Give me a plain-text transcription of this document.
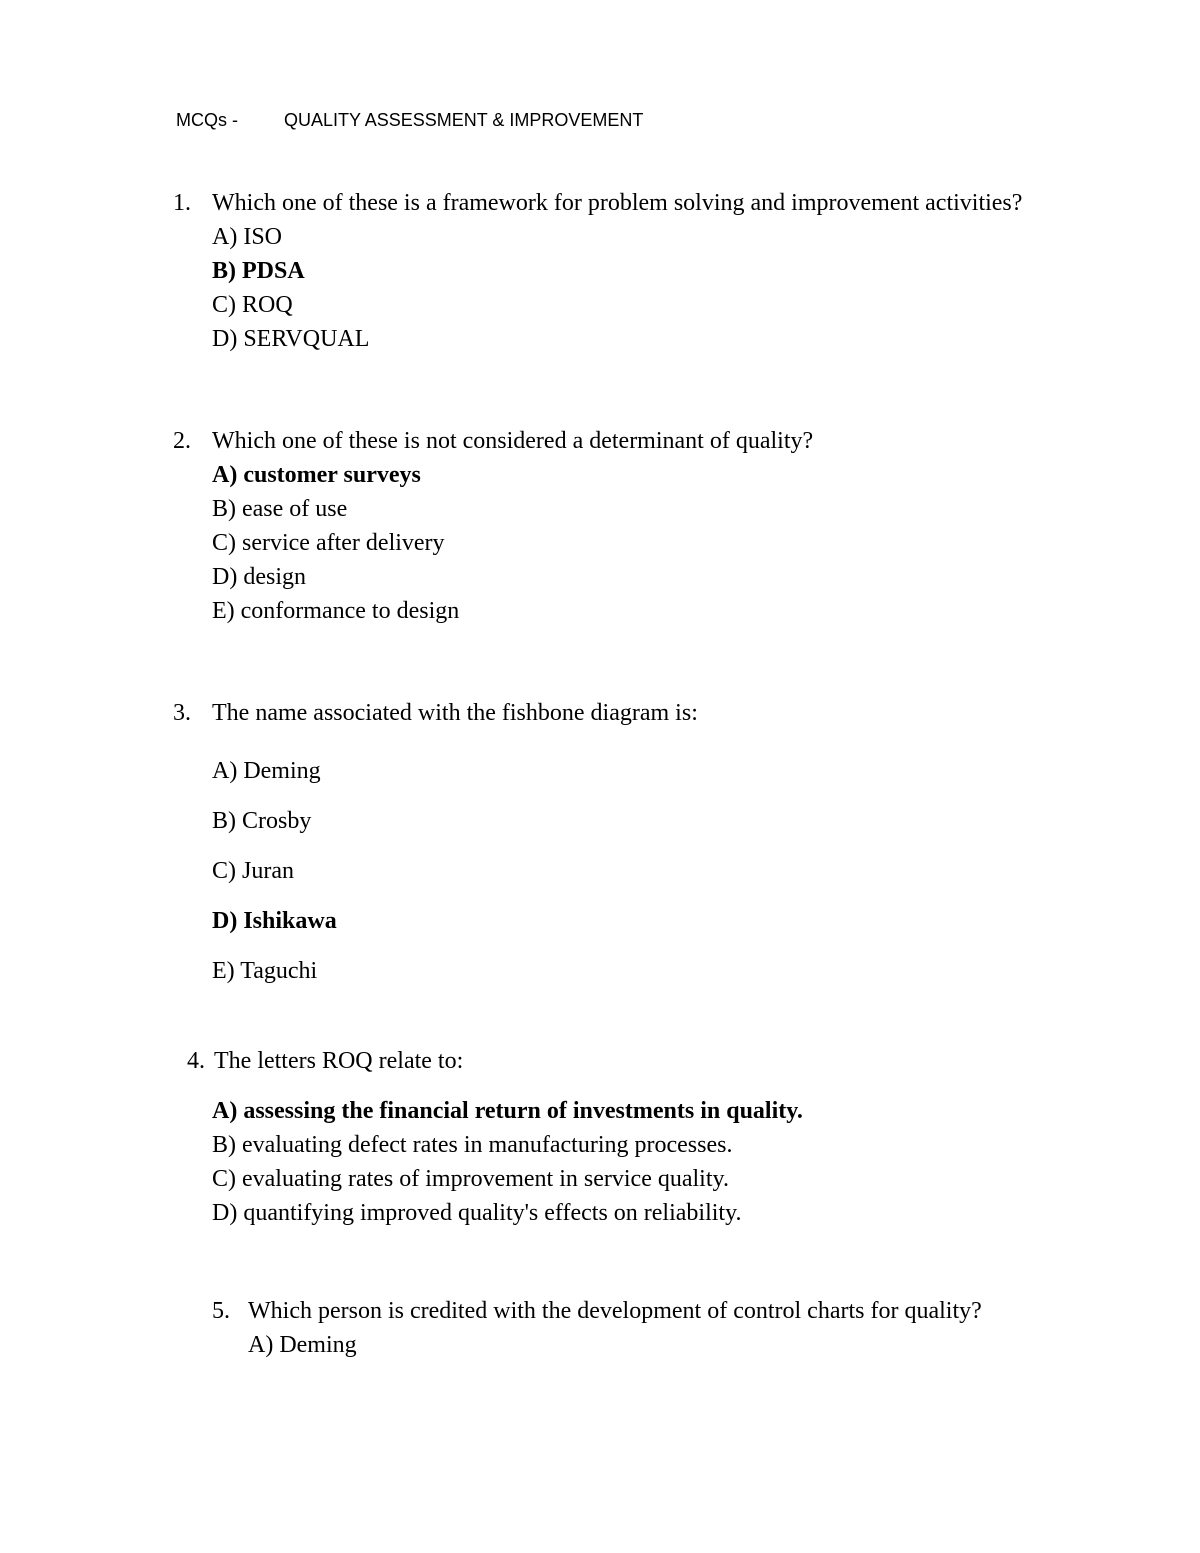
MCQs -	QUALITY ASSESSMENT & IMPROVEMENT
1. Which one of these is a framework for problem solving and improvement activities?
A) ISO
B) PDSA
C) ROQ
D) SERVQUAL
2. Which one of these is not considered a determinant of quality?
A) customer surveys
B) ease of use
C) service after delivery
D) design
E) conformance to design
3. The name associated with the fishbone diagram is:
A) Deming
B) Crosby
C) Juran
D) Ishikawa
E) Taguchi
4. The letters ROQ relate to:
A) assessing the financial return of investments in quality.
B) evaluating defect rates in manufacturing processes.
C) evaluating rates of improvement in service quality.
D) quantifying improved quality's effects on reliability.
5. Which person is credited with the development of control charts for quality?
A) Deming
